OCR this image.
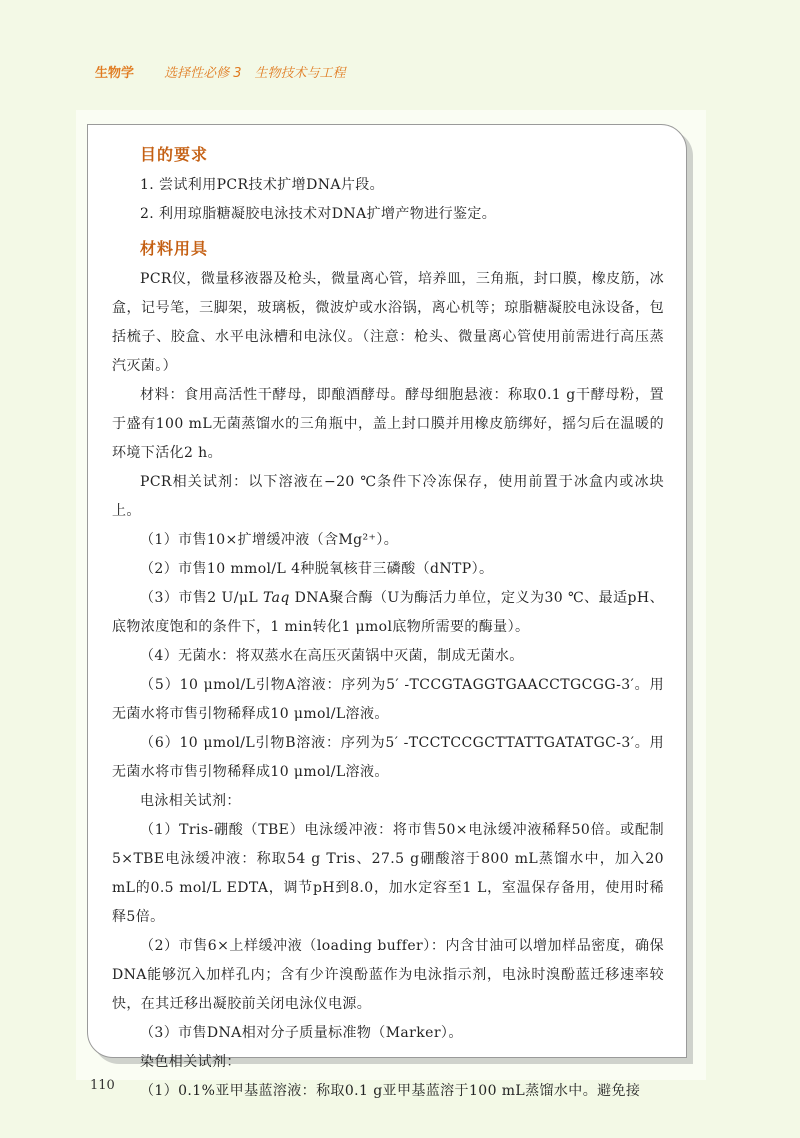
生物学 选择性必修 3　生物技术与工程
目的要求

1. 尝试利用PCR技术扩增DNA片段。

2. 利用琼脂糖凝胶电泳技术对DNA扩增产物进行鉴定。

材料用具

PCR仪，微量移液器及枪头，微量离心管，培养皿，三角瓶，封口膜，橡皮筋，冰盒，记号笔，三脚架，玻璃板，微波炉或水浴锅，离心机等；琼脂糖凝胶电泳设备，包括梳子、胶盒、水平电泳槽和电泳仪。（注意：枪头、微量离心管使用前需进行高压蒸汽灭菌。）

材料：食用高活性干酵母，即酿酒酵母。酵母细胞悬液：称取0.1 g干酵母粉，置于盛有100 mL无菌蒸馏水的三角瓶中，盖上封口膜并用橡皮筋绑好，摇匀后在温暖的环境下活化2 h。

PCR相关试剂：以下溶液在−20 ℃条件下冷冻保存，使用前置于冰盒内或冰块上。

（1）市售10×扩增缓冲液（含Mg²⁺）。

（2）市售10 mmol/L 4种脱氧核苷三磷酸（dNTP）。

（3）市售2 U/μL Taq DNA聚合酶（U为酶活力单位，定义为30 ℃、最适pH、底物浓度饱和的条件下，1 min转化1 μmol底物所需要的酶量）。

（4）无菌水：将双蒸水在高压灭菌锅中灭菌，制成无菌水。

（5）10 μmol/L引物A溶液：序列为5′ -TCCGTAGGTGAACCTGCGG-3′。用无菌水将市售引物稀释成10 μmol/L溶液。

（6）10 μmol/L引物B溶液：序列为5′ -TCCTCCGCTTATTGATATGC-3′。用无菌水将市售引物稀释成10 μmol/L溶液。

电泳相关试剂：

（1）Tris-硼酸（TBE）电泳缓冲液：将市售50×电泳缓冲液稀释50倍。或配制5×TBE电泳缓冲液：称取54 g Tris、27.5 g硼酸溶于800 mL蒸馏水中，加入20 mL的0.5 mol/L EDTA，调节pH到8.0，加水定容至1 L，室温保存备用，使用时稀释5倍。

（2）市售6×上样缓冲液（loading buffer）：内含甘油可以增加样品密度，确保DNA能够沉入加样孔内；含有少许溴酚蓝作为电泳指示剂，电泳时溴酚蓝迁移速率较快，在其迁移出凝胶前关闭电泳仪电源。

（3）市售DNA相对分子质量标准物（Marker）。

染色相关试剂：

（1）0.1%亚甲基蓝溶液：称取0.1 g亚甲基蓝溶于100 mL蒸馏水中。避免接

110
